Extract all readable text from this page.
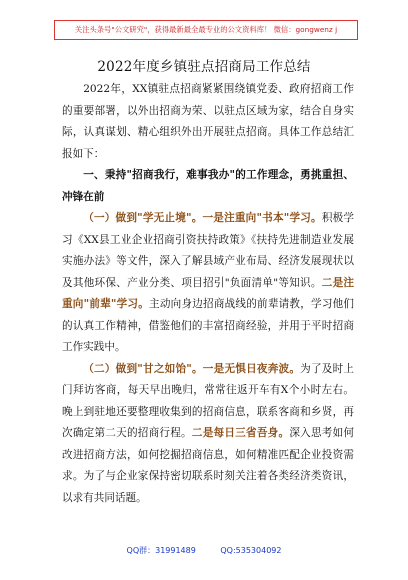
关注头条号"公文研究"，获得最新最全最专业的公文资料库！ 微信：gongwenz j
2022年度乡镇驻点招商局工作总结

2022年，XX镇驻点招商紧紧围绕镇党委、政府招商工作的重要部署，以外出招商为荣、以驻点区域为家，结合自身实际，认真谋划、精心组织外出开展驻点招商。具体工作总结汇报如下：

一、秉持"招商我行，难事我办"的工作理念，勇挑重担、冲锋在前

（一）做到"学无止境"。一是注重向"书本"学习。积极学习《XX县工业企业招商引资扶持政策》《扶持先进制造业发展实施办法》等文件，深入了解县域产业布局、经济发展现状以及其他环保、产业分类、项目招引"负面清单"等知识。二是注重向"前辈"学习。主动向身边招商战线的前辈请教，学习他们的认真工作精神，借鉴他们的丰富招商经验，并用于平时招商工作实践中。

（二）做到"甘之如饴"。一是无惧日夜奔波。为了及时上门拜访客商，每天早出晚归，常常往返开车有X个小时左右。晚上到驻地还要整理收集到的招商信息，联系客商和乡贤，再次确定第二天的招商行程。二是每日三省吾身。深入思考如何改进招商方法，如何挖掘招商信息，如何精准匹配企业投资需求。为了与企业家保持密切联系时刻关注着各类经济类资讯，以求有共同话题。

QQ群：31991489	QQ:535304092
